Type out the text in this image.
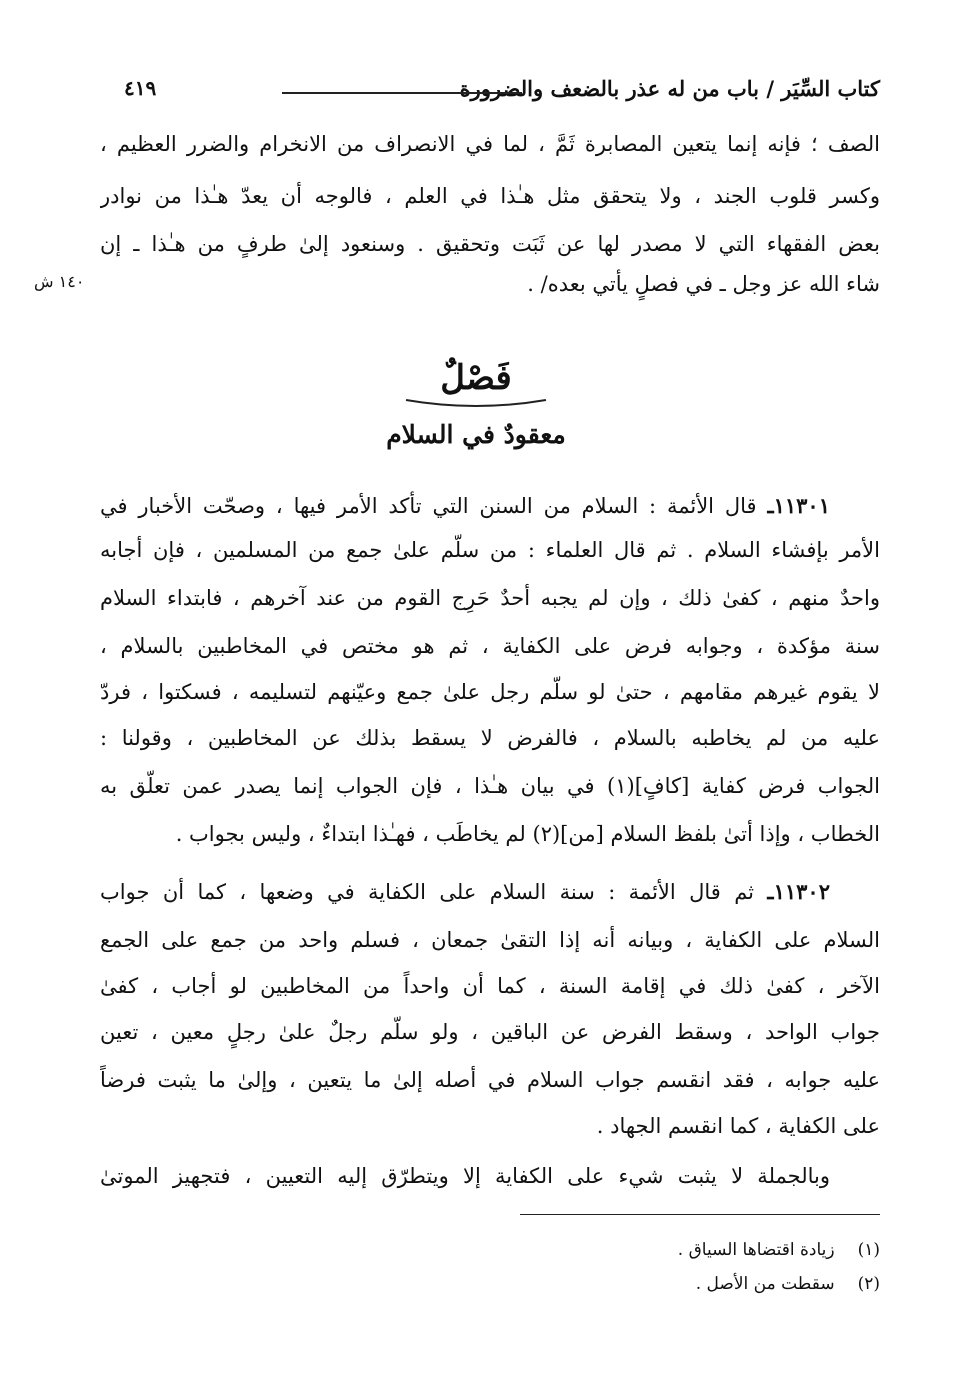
كتاب السِّيَر / باب من له عذر بالضعف والضرورة
٤١٩
الصف ؛ فإنه إنما يتعين المصابرة ثَمَّ ، لما في الانصراف من الانخرام والضرر العظيم ،
وكسر قلوب الجند ، ولا يتحقق مثل هـٰذا في العلم ، فالوجه أن يعدّ هـٰذا من نوادر
بعض الفقهاء التي لا مصدر لها عن ثَبَت وتحقيق . وسنعود إلىٰ طرفٍ من هـٰذا ـ إن
شاء الله عز وجل ـ في فصلٍ يأتي بعده/ .
١٤٠ ش
فَصْلٌ
معقودٌ في السلام
١١٣٠١ـ قال الأئمة : السلام من السنن التي تأكد الأمر فيها ، وصحّت الأخبار في
الأمر بإفشاء السلام . ثم قال العلماء : من سلّم علىٰ جمع من المسلمين ، فإن أجابه
واحدٌ منهم ، كفىٰ ذلك ، وإن لم يجبه أحدٌ حَرِج القوم من عند آخرهم ، فابتداء السلام
سنة مؤكدة ، وجوابه فرض على الكفاية ، ثم هو مختص في المخاطبين بالسلام ،
لا يقوم غيرهم مقامهم ، حتىٰ لو سلّم رجل علىٰ جمع وعيّنهم لتسليمه ، فسكتوا ، فردّ
عليه من لم يخاطبه بالسلام ، فالفرض لا يسقط بذلك عن المخاطبين ، وقولنا :
الجواب فرض كفاية [كافٍ](١) في بيان هـٰذا ، فإن الجواب إنما يصدر عمن تعلّق به
الخطاب ، وإذا أتىٰ بلفظ السلام [من](٢) لم يخاطَب ، فهـٰذا ابتداءٌ ، وليس بجواب .
١١٣٠٢ـ ثم قال الأئمة : سنة السلام على الكفاية في وضعها ، كما أن جواب
السلام على الكفاية ، وبيانه أنه إذا التقىٰ جمعان ، فسلم واحد من جمع على الجمع
الآخر ، كفىٰ ذلك في إقامة السنة ، كما أن واحداً من المخاطبين لو أجاب ، كفىٰ
جواب الواحد ، وسقط الفرض عن الباقين ، ولو سلّم رجلٌ علىٰ رجلٍ معين ، تعين
عليه جوابه ، فقد انقسم جواب السلام في أصله إلىٰ ما يتعين ، وإلىٰ ما يثبت فرضاً
على الكفاية ، كما انقسم الجهاد .
وبالجملة لا يثبت شيء على الكفاية إلا ويتطرّق إليه التعيين ، فتجهيز الموتىٰ
(١) زيادة اقتضاها السياق .
(٢) سقطت من الأصل .
